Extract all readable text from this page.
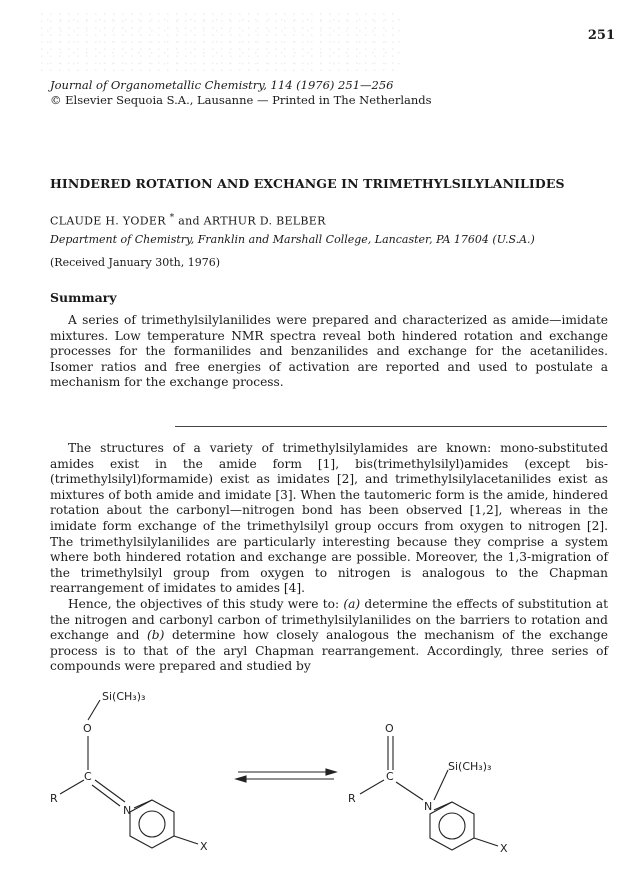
251
Journal of Organometallic Chemistry, 114 (1976) 251—256
© Elsevier Sequoia S.A., Lausanne — Printed in The Netherlands
HINDERED ROTATION AND EXCHANGE IN TRIMETHYLSILYLANILIDES
CLAUDE H. YODER * and ARTHUR D. BELBER
Department of Chemistry, Franklin and Marshall College, Lancaster, PA 17604 (U.S.A.)
(Received January 30th, 1976)
Summary
A series of trimethylsilylanilides were prepared and characterized as amide—imidate mixtures. Low temperature NMR spectra reveal both hindered rotation and exchange processes for the formanilides and benzanilides and exchange for the acetanilides. Isomer ratios and free energies of activation are reported and used to postulate a mechanism for the exchange process.

The structures of a variety of trimethylsilylamides are known: mono-substituted amides exist in the amide form [1], bis(trimethylsilyl)amides (except bis-(trimethylsilyl)formamide) exist as imidates [2], and trimethylsilylacetanilides exist as mixtures of both amide and imidate [3]. When the tautomeric form is the amide, hindered rotation about the carbonyl—nitrogen bond has been observed [1,2], whereas in the imidate form exchange of the trimethylsilyl group occurs from oxygen to nitrogen [2]. The trimethylsilylanilides are particularly interesting because they comprise a system where both hindered rotation and exchange are possible. Moreover, the 1,3-migration of the trimethylsilyl group from oxygen to nitrogen is analogous to the Chapman rearrangement of imidates to amides [4].

Hence, the objectives of this study were to: (a) determine the effects of substitution at the nitrogen and carbonyl carbon of trimethylsilylanilides on the barriers to rotation and exchange and (b) determine how closely analogous the mechanism of the exchange process is to that of the aryl Chapman rearrangement. Accordingly, three series of compounds were prepared and studied by

Si(CH₃)₃
O
C
R
N
X
O
C
R
N
Si(CH₃)₃
X
